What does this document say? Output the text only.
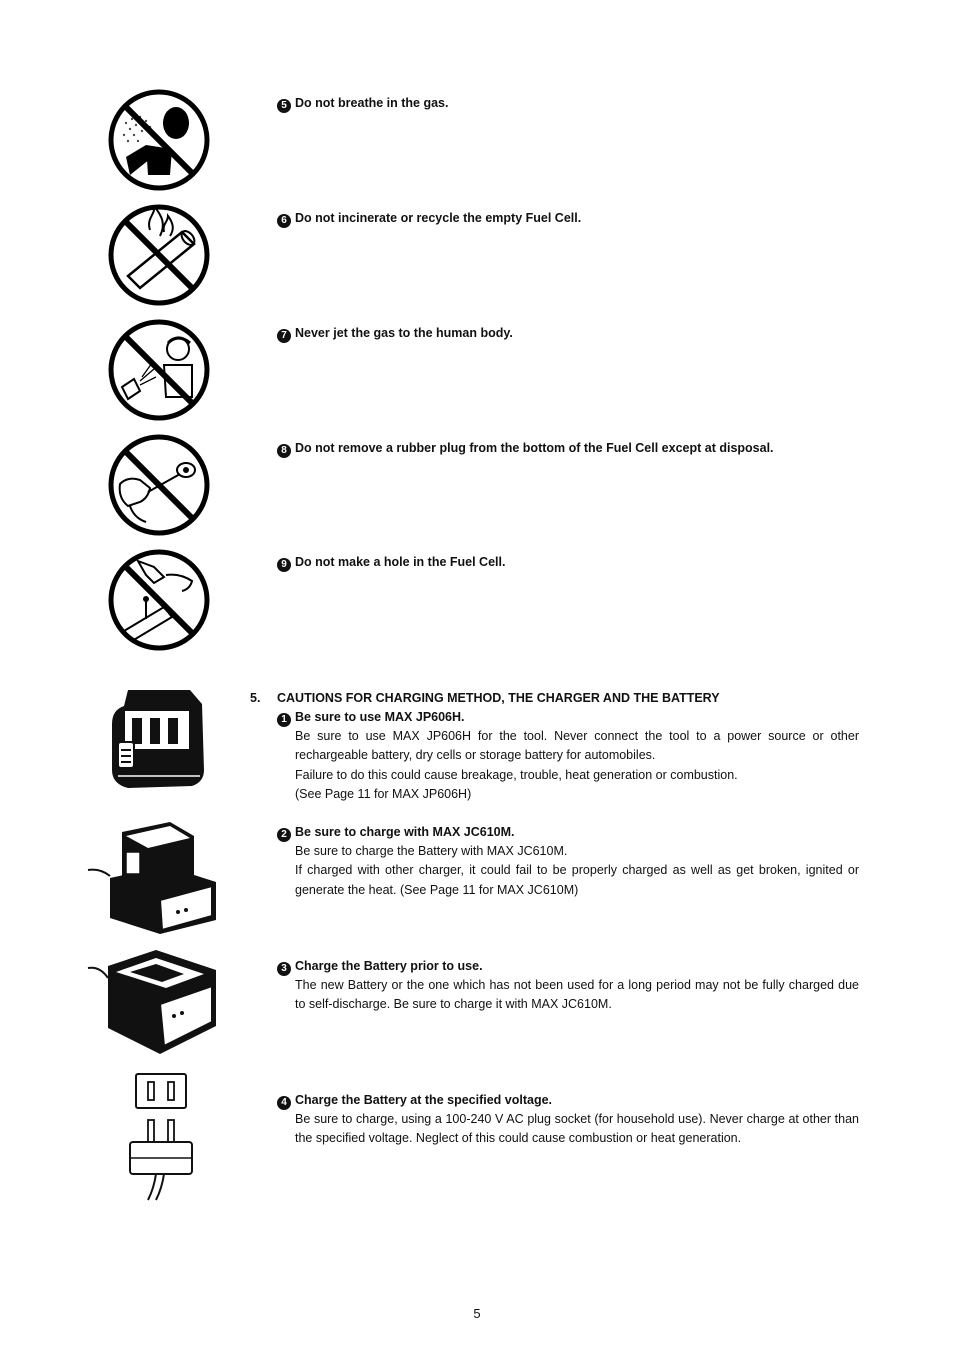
5 Do not breathe in the gas.
6 Do not incinerate or recycle the empty Fuel Cell.
7 Never jet the gas to the human body.
8 Do not remove a rubber plug from the bottom of the Fuel Cell except at disposal.
9 Do not make a hole in the Fuel Cell.
5. CAUTIONS FOR CHARGING METHOD, THE CHARGER AND THE BATTERY
1 Be sure to use MAX JP606H.

Be sure to use MAX JP606H for the tool. Never connect the tool to a power source or other rechargeable battery, dry cells or storage battery for automobiles.

Failure to do this could cause breakage, trouble, heat generation or combustion.

(See Page 11 for MAX JP606H)

2 Be sure to charge with MAX JC610M.

Be sure to charge the Battery with MAX JC610M.

If charged with other charger, it could fail to be properly charged as well as get broken, ignited or generate the heat. (See Page 11 for MAX JC610M)

3 Charge the Battery prior to use.

The new Battery or the one which has not been used for a long period may not be fully charged due to self-discharge. Be sure to charge it with MAX JC610M.

4 Charge the Battery at the specified voltage.

Be sure to charge, using a 100-240 V AC plug socket (for household use). Never charge at other than the specified voltage. Neglect of this could cause combustion or heat generation.

5
